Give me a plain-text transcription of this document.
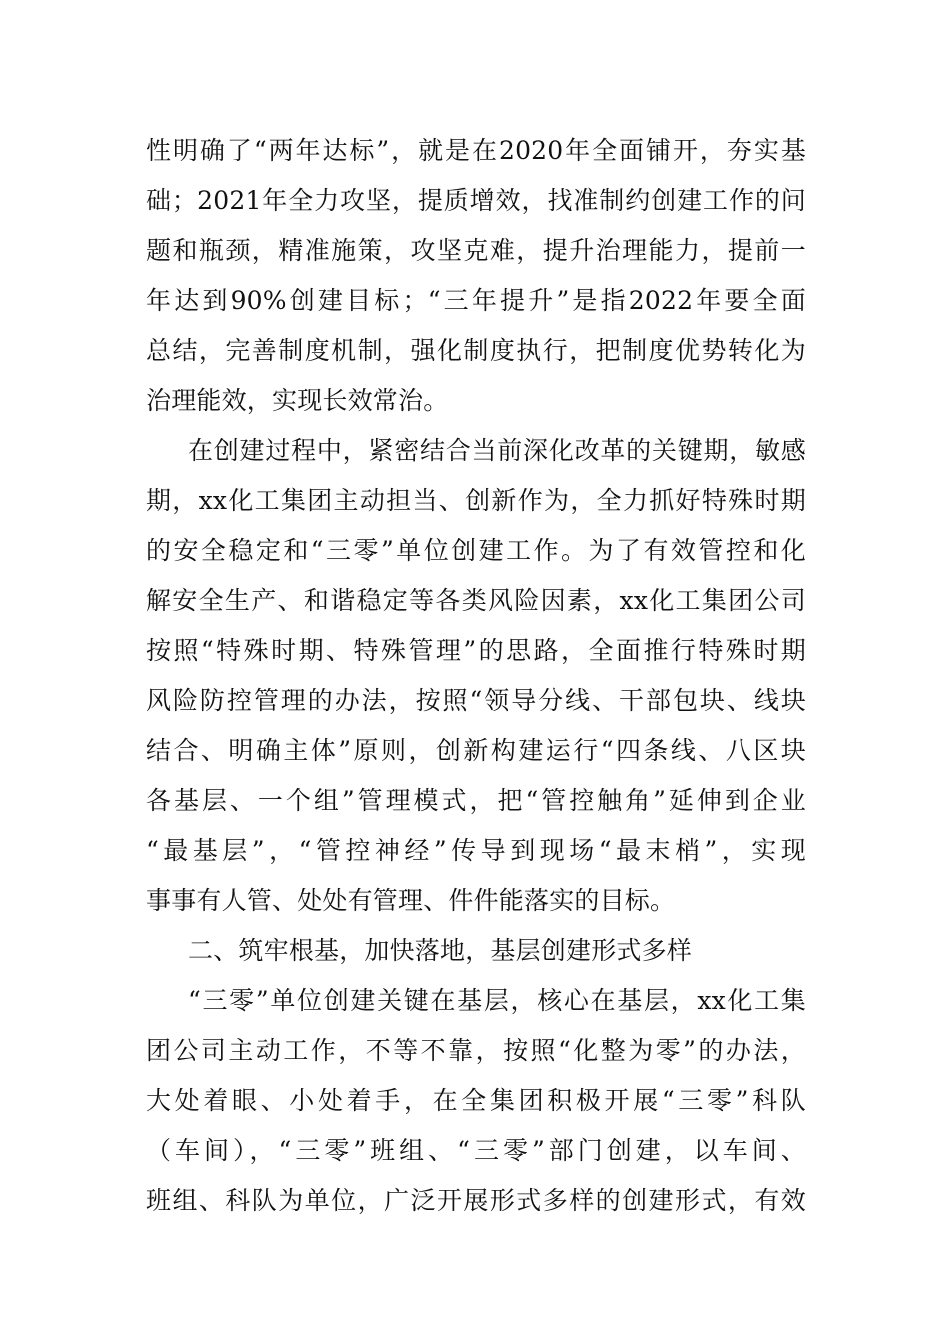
性明确了“两年达标”，就是在2020年全面铺开，夯实基
础；2021年全力攻坚，提质增效，找准制约创建工作的问
题和瓶颈，精准施策，攻坚克难，提升治理能力，提前一
年达到90%创建目标；“三年提升”是指2022年要全面
总结，完善制度机制，强化制度执行，把制度优势转化为
治理能效，实现长效常治。
在创建过程中，紧密结合当前深化改革的关键期，敏感
期，xx化工集团主动担当、创新作为，全力抓好特殊时期
的安全稳定和“三零”单位创建工作。为了有效管控和化
解安全生产、和谐稳定等各类风险因素，xx化工集团公司
按照“特殊时期、特殊管理”的思路，全面推行特殊时期
风险防控管理的办法，按照“领导分线、干部包块、线块
结合、明确主体”原则，创新构建运行“四条线、八区块
各基层、一个组”管理模式，把“管控触角”延伸到企业
“最基层”，“管控神经”传导到现场“最末梢”，实现
事事有人管、处处有管理、件件能落实的目标。
二、筑牢根基，加快落地，基层创建形式多样
“三零”单位创建关键在基层，核心在基层，xx化工集
团公司主动工作，不等不靠，按照“化整为零”的办法，
大处着眼、小处着手，在全集团积极开展“三零”科队
（车间），“三零”班组、“三零”部门创建，以车间、
班组、科队为单位，广泛开展形式多样的创建形式，有效
